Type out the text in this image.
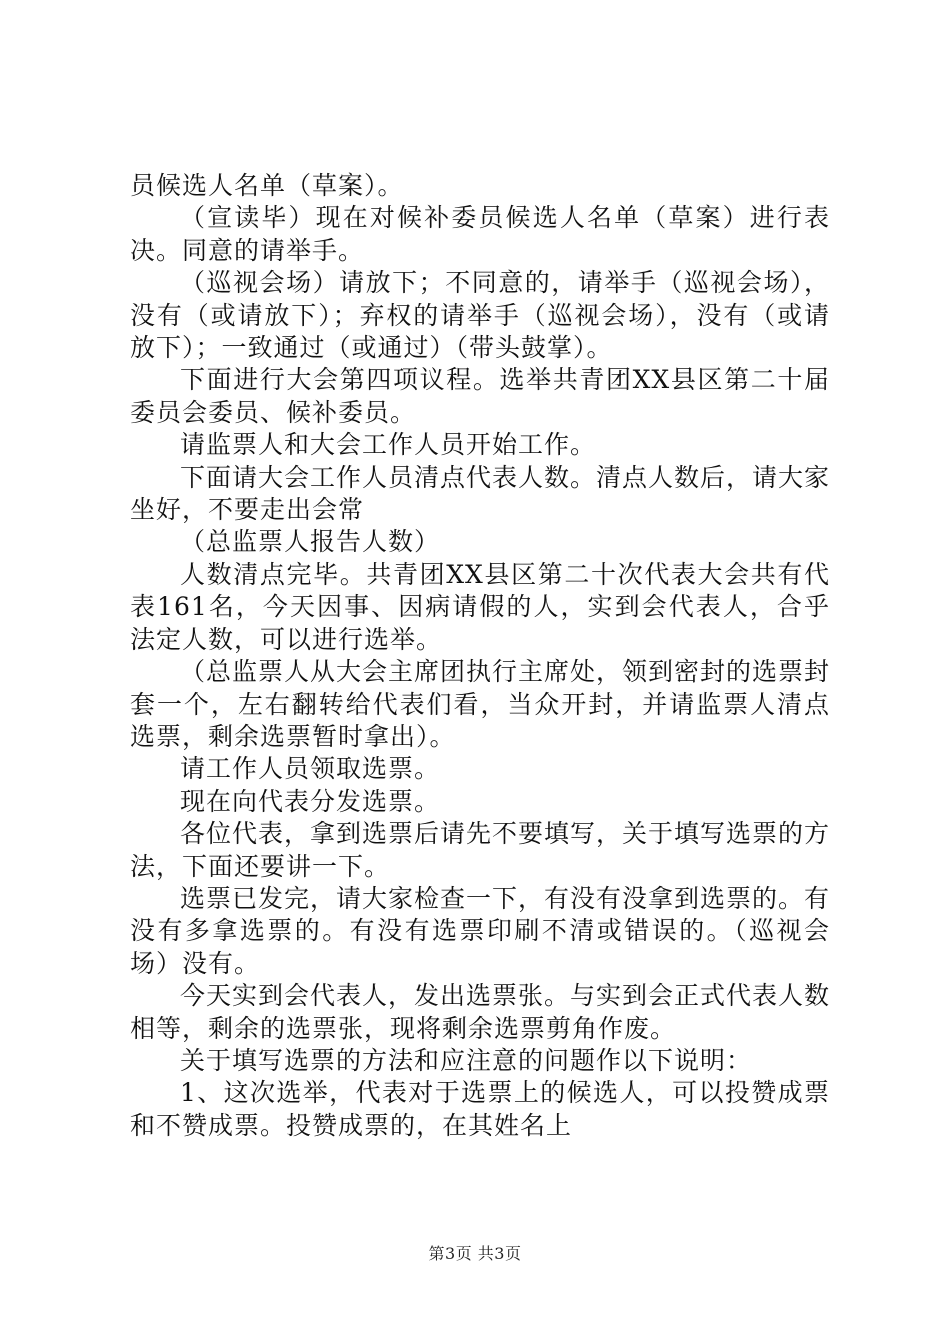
员候选人名单（草案）。

（宣读毕）现在对候补委员候选人名单（草案）进行表决。同意的请举手。

（巡视会场）请放下；不同意的，请举手（巡视会场），没有（或请放下）；弃权的请举手（巡视会场），没有（或请放下）；一致通过（或通过）（带头鼓掌）。

下面进行大会第四项议程。选举共青团XX县区第二十届委员会委员、候补委员。

请监票人和大会工作人员开始工作。

下面请大会工作人员清点代表人数。清点人数后，请大家坐好，不要走出会常

（总监票人报告人数）

人数清点完毕。共青团XX县区第二十次代表大会共有代表161名，今天因事、因病请假的人，实到会代表人，合乎法定人数，可以进行选举。

（总监票人从大会主席团执行主席处，领到密封的选票封套一个，左右翻转给代表们看，当众开封，并请监票人清点选票，剩余选票暂时拿出）。

请工作人员领取选票。

现在向代表分发选票。

各位代表，拿到选票后请先不要填写，关于填写选票的方法，下面还要讲一下。

选票已发完，请大家检查一下，有没有没拿到选票的。有没有多拿选票的。有没有选票印刷不清或错误的。（巡视会场）没有。

今天实到会代表人，发出选票张。与实到会正式代表人数相等，剩余的选票张，现将剩余选票剪角作废。

关于填写选票的方法和应注意的问题作以下说明：

1、这次选举，代表对于选票上的候选人，可以投赞成票和不赞成票。投赞成票的，在其姓名上

第3页 共3页
